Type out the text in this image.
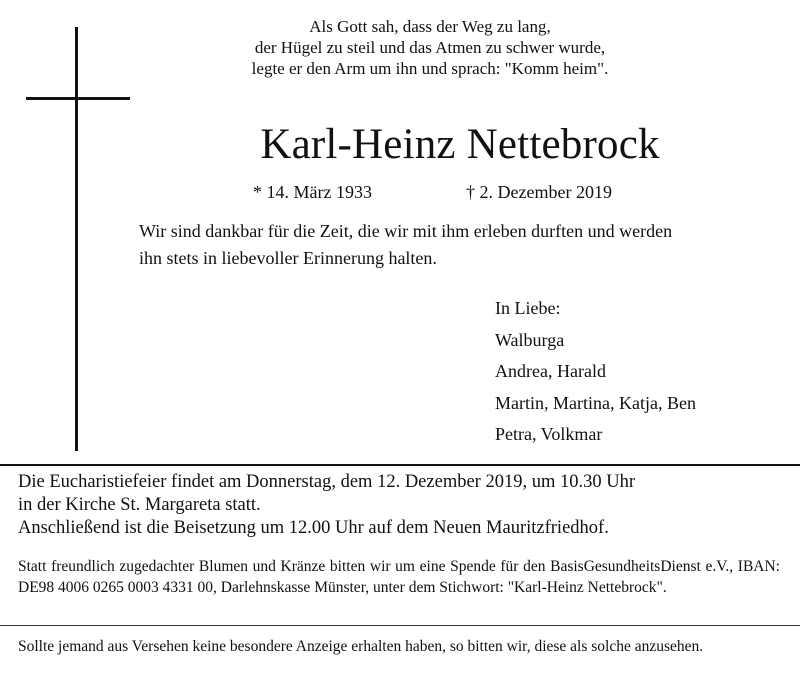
Als Gott sah, dass der Weg zu lang,
der Hügel zu steil und das Atmen zu schwer wurde,
legte er den Arm um ihn und sprach: "Komm heim".
Karl-Heinz Nettebrock
* 14. März 1933	† 2. Dezember 2019
Wir sind dankbar für die Zeit, die wir mit ihm erleben durften und werden
ihn stets in liebevoller Erinnerung halten.
In Liebe:
Walburga
Andrea, Harald
Martin, Martina, Katja, Ben
Petra, Volkmar
Die Eucharistiefeier findet am Donnerstag, dem 12. Dezember 2019, um 10.30 Uhr
in der Kirche St. Margareta statt.
Anschließend ist die Beisetzung um 12.00 Uhr auf dem Neuen Mauritzfriedhof.
Statt freundlich zugedachter Blumen und Kränze bitten wir um eine Spende für den BasisGesundheitsDienst e.V., IBAN: DE98 4006 0265 0003 4331 00, Darlehnskasse Münster, unter dem Stichwort: "Karl-Heinz Nettebrock".
Sollte jemand aus Versehen keine besondere Anzeige erhalten haben, so bitten wir, diese als solche anzusehen.
